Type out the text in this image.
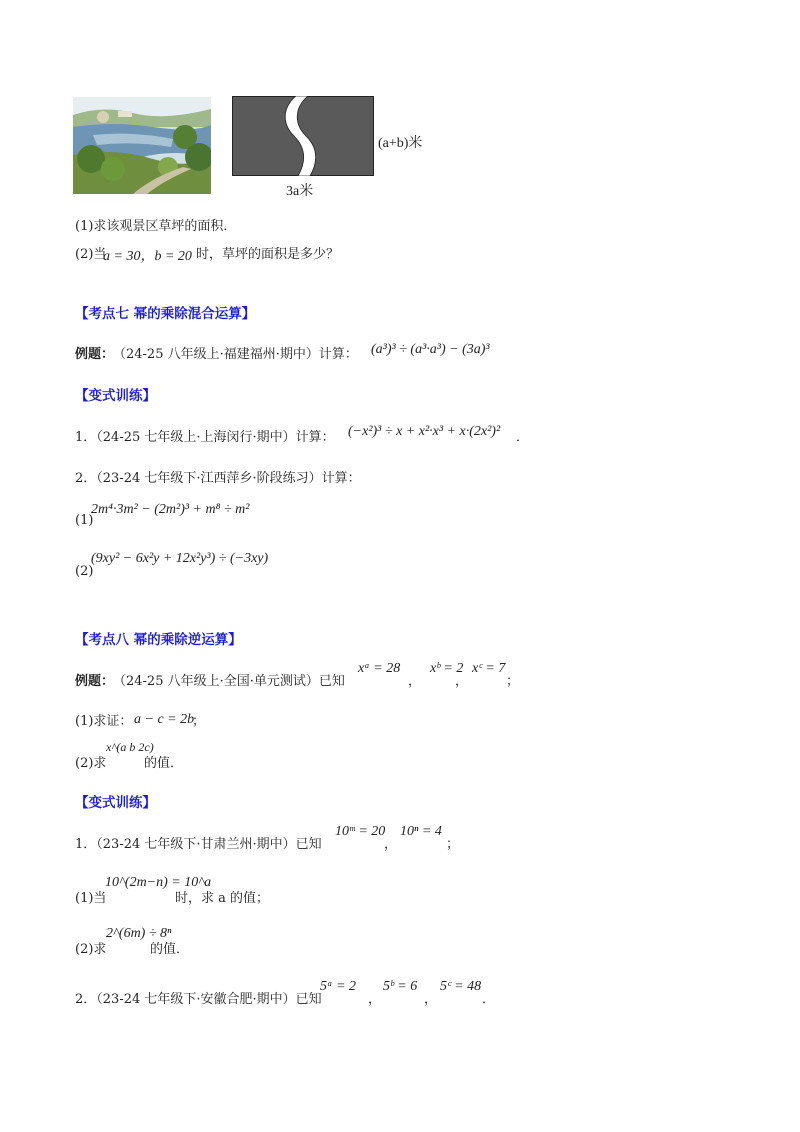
(a+b)米
3a米
(1)求该观景区草坪的面积．
(2)当
a = 30，b = 20 时，草坪的面积是多少？
【考点七 幂的乘除混合运算】
例题：
（24-25 八年级上·福建福州·期中）计算： (a³)³ ÷ (a³·a³) − (3a)³
【变式训练】
1．（24-25 七年级上·上海闵行·期中）计算： (−x²)³ ÷ x + x²·x³ + x·(2x²)² ．
2．（23-24 七年级下·江西萍乡·阶段练习）计算：
(1)
2m⁴·3m² − (2m²)³ + m⁸ ÷ m²
(2)
(9xy² − 6x²y + 12x²y³) ÷ (−3xy)
【考点八 幂的乘除逆运算】
例题：
（24-25 八年级上·全国·单元测试）已知
xᵃ = 28
，
xᵇ = 2
，
xᶜ = 7
；
(1)求证： a − c = 2b
；
(2)求
x^(a b 2c)
的值．
【变式训练】
1．（23-24 七年级下·甘肃兰州·期中）已知
10ᵐ = 20
，
10ⁿ = 4
；
(1)当
10^(2m−n) = 10^a
时，求 a 的值；
(2)求
2^(6m) ÷ 8ⁿ
的值．
2．（23-24 七年级下·安徽合肥·期中）已知
5ᵃ = 2
，
5ᵇ = 6
，
5ᶜ = 48
．
